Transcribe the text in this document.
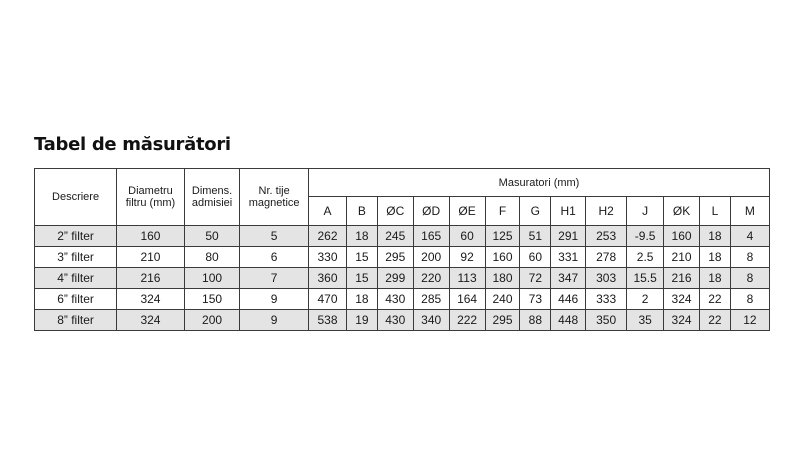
Tabel de măsurători
Descriere	Diametru filtru (mm)	Dimens. admisiei	Nr. tije magnetice	Masuratori (mm)												
				A	B	ØC	ØD	ØE	F	G	H1	H2	J	ØK	L	M
2” filter	160	50	5	262	18	245	165	60	125	51	291	253	-9.5	160	18	4
3” filter	210	80	6	330	15	295	200	92	160	60	331	278	2.5	210	18	8
4” filter	216	100	7	360	15	299	220	113	180	72	347	303	15.5	216	18	8
6” filter	324	150	9	470	18	430	285	164	240	73	446	333	2	324	22	8
8” filter	324	200	9	538	19	430	340	222	295	88	448	350	35	324	22	12
